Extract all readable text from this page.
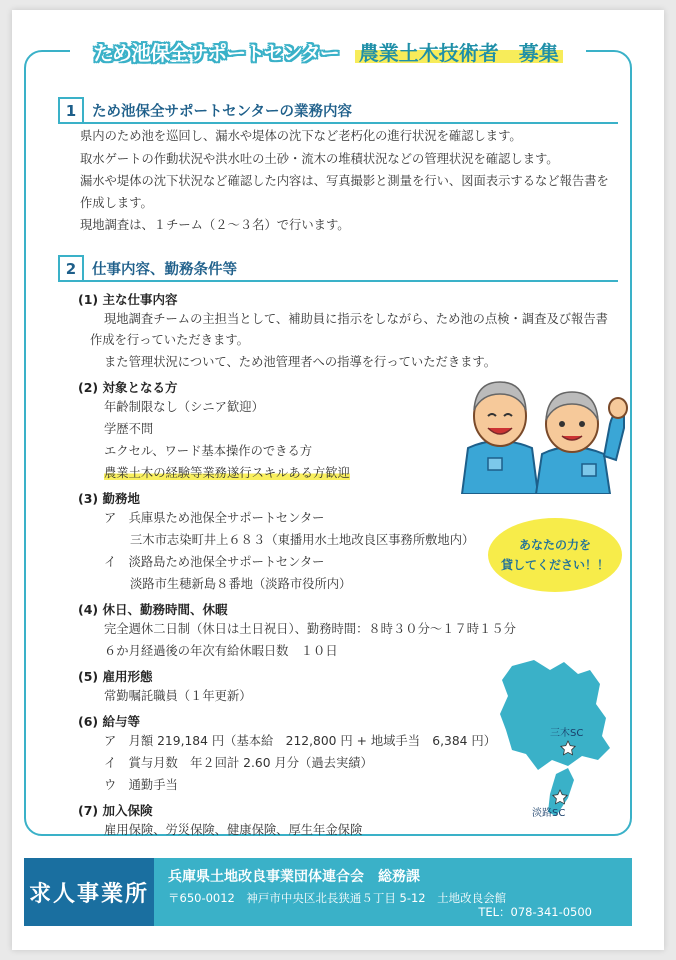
ため池保全サポートセンター 農業土木技術者　募集
1	ため池保全サポートセンターの業務内容
県内のため池を巡回し、漏水や堤体の沈下など老朽化の進行状況を確認します。
取水ゲートの作動状況や洪水吐の土砂・流木の堆積状況などの管理状況を確認します。
漏水や堤体の沈下状況など確認した内容は、写真撮影と測量を行い、図面表示するなど報告書を
作成します。
現地調査は、１チーム（２～３名）で行います。
2	仕事内容、勤務条件等
(1) 主な仕事内容
現地調査チームの主担当として、補助員に指示をしながら、ため池の点検・調査及び報告書
作成を行っていただきます。
また管理状況について、ため池管理者への指導を行っていただきます。
(2) 対象となる方
年齢制限なし（シニア歓迎）
学歴不問
エクセル、ワード基本操作のできる方
農業土木の経験等業務遂行スキルある方歓迎
(3) 勤務地
ア　兵庫県ため池保全サポートセンター
三木市志染町井上６８３（東播用水土地改良区事務所敷地内）
イ　淡路島ため池保全サポートセンター
淡路市生穂新島８番地（淡路市役所内）
(4) 休日、勤務時間、休暇
完全週休二日制（休日は土日祝日）、勤務時間：８時３０分～１７時１５分
６か月経過後の年次有給休暇日数　１０日
(5) 雇用形態
常勤嘱託職員（１年更新）
(6) 給与等
ア　月額 219,184 円（基本給　212,800 円 + 地域手当　6,384 円）
イ　賞与月数　年２回計 2.60 月分（過去実績）
ウ　通勤手当
(7) 加入保険
雇用保険、労災保険、健康保険、厚生年金保険
あなたの力を
貸してください！！
三木SC
淡路SC
求人事業所
兵庫県土地改良事業団体連合会　総務課
〒650-0012　神戸市中央区北長狭通５丁目 5-12　土地改良会館
TEL：078-341-0500
